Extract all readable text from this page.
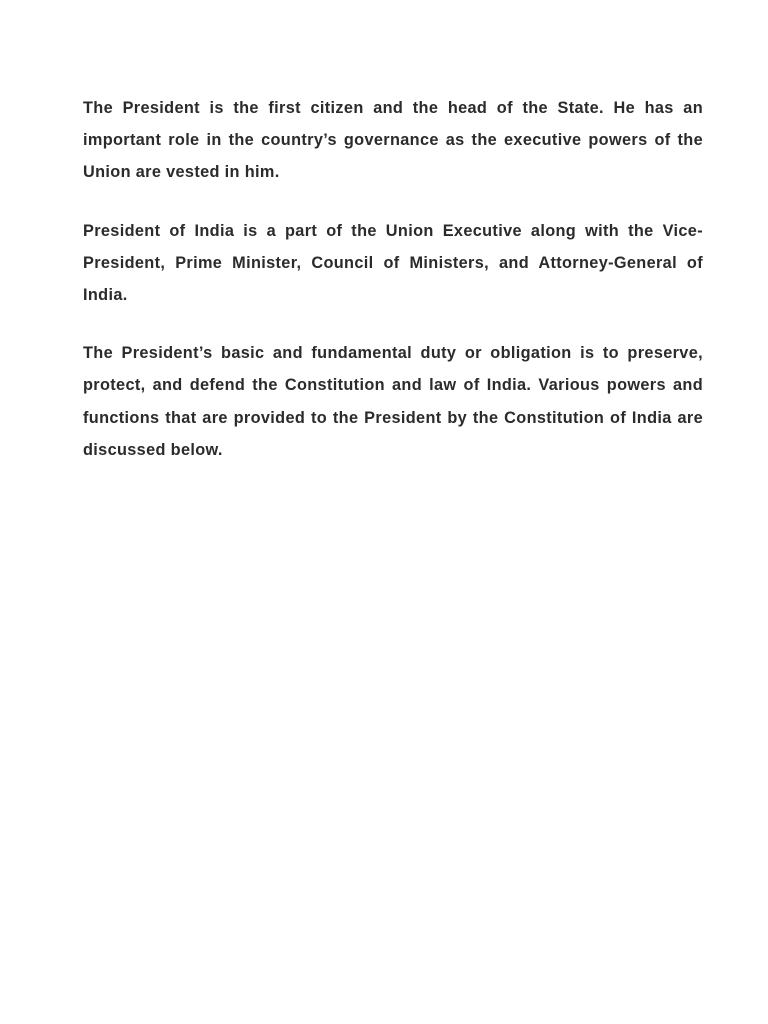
The President is the first citizen and the head of the State. He has an important role in the country’s governance as the executive powers of the Union are vested in him.

President of India is a part of the Union Executive along with the Vice-President, Prime Minister, Council of Ministers, and Attorney-General of India.

The President’s basic and fundamental duty or obligation is to preserve, protect, and defend the Constitution and law of India. Various powers and functions that are provided to the President by the Constitution of India are discussed below.
